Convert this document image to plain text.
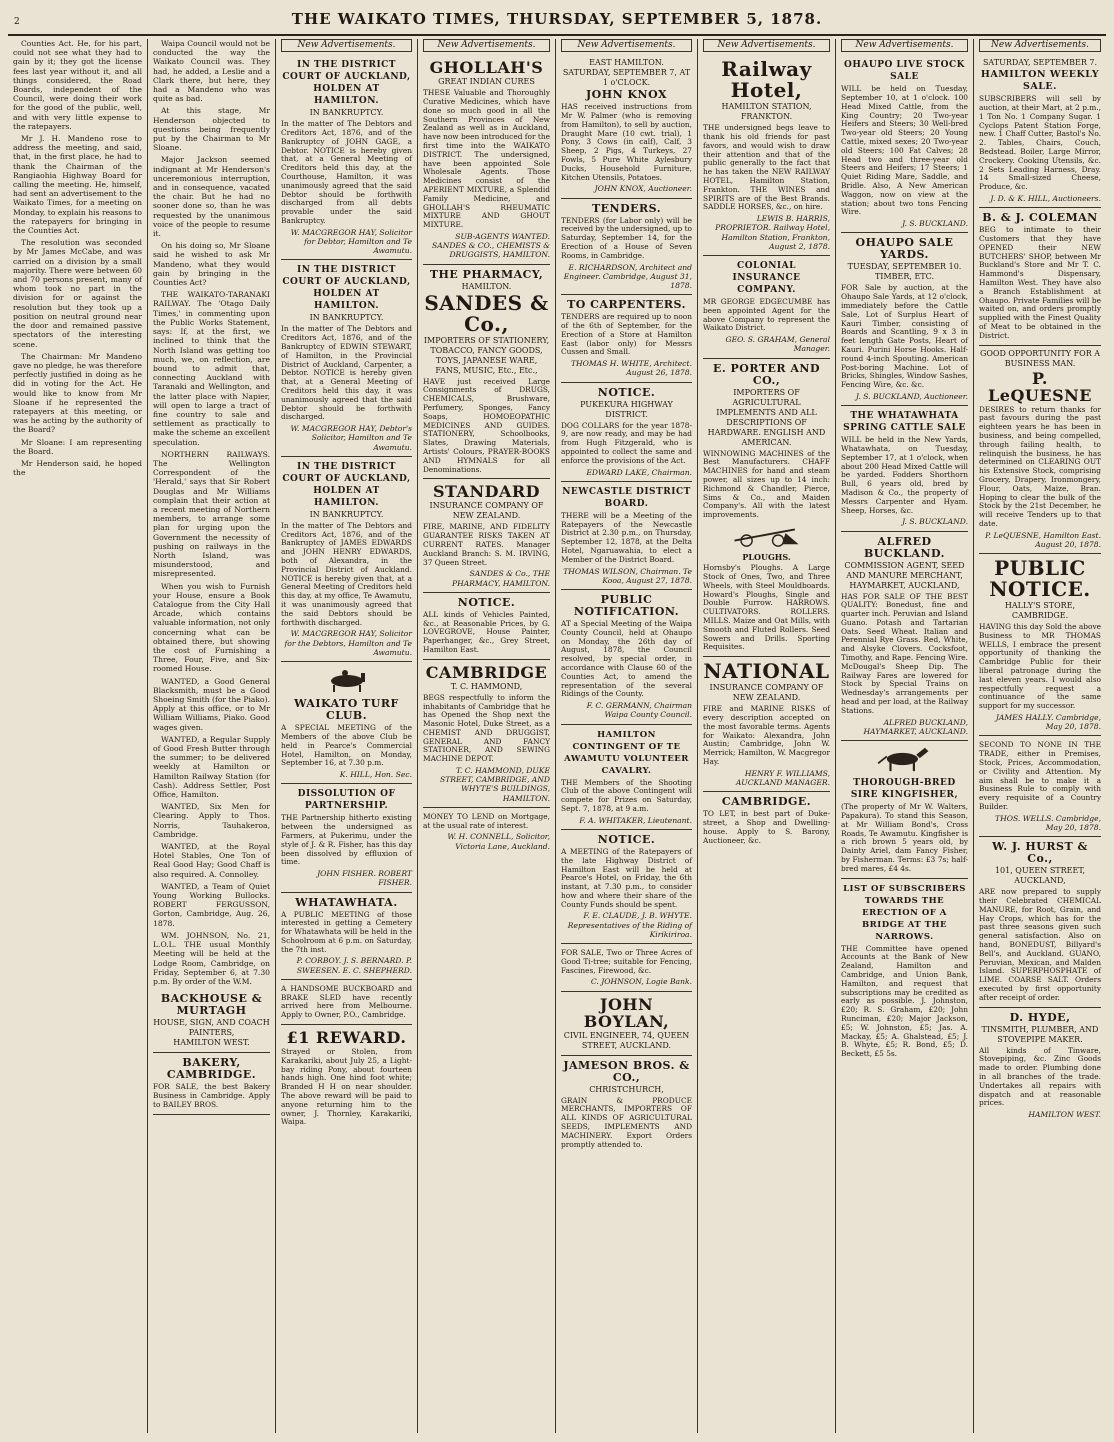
2	THE WAIKATO TIMES, THURSDAY, SEPTEMBER 5, 1878.

Counties Act. He, for his part, could not see what they had to gain by it; they got the license fees last year without it, and all things considered, the Road Boards, independent of the Council, were doing their work for the good of the public, well, and with very little expense to the ratepayers.

Mr J. H. Mandeno rose to address the meeting, and said, that, in the first place, he had to thank the Chairman of the Rangiaohia Highway Board for calling the meeting. He, himself, had sent an advertisement to the Waikato Times, for a meeting on Monday, to explain his reasons to the ratepayers for bringing in the Counties Act.

The resolution was seconded by Mr James McCabe, and was carried on a division by a small majority. There were between 60 and 70 persons present, many of whom took no part in the division for or against the resolution but they took up a position on neutral ground near the door and remained passive spectators of the interesting scene.

The Chairman: Mr Mandeno gave no pledge, he was therefore perfectly justified in doing as he did in voting for the Act. He would like to know from Mr Sloane if he represented the ratepayers at this meeting, or was he acting by the authority of the Board?

Mr Sloane: I am representing the Board.

Mr Henderson said, he hoped the

Waipa Council would not be conducted the way the Waikato Council was. They had, he added, a Leslie and a Clark there, but here, they had a Mandeno who was quite as bad.

At this stage, Mr Henderson objected to questions being frequently put by the Chairman to Mr Sloane.

Major Jackson seemed indignant at Mr Henderson's unceremonious interruption, and in consequence, vacated the chair. But he had no sooner done so, than he was requested by the unanimous voice of the people to resume it.

On his doing so, Mr Sloane said he wished to ask Mr Mandeno, what they would gain by bringing in the Counties Act?

THE WAIKATO-TARANAKI RAILWAY. The 'Otago Daily Times,' in commenting upon the Public Works Statement, says: If, at the first, we inclined to think that the North Island was getting too much, we, on reflection, are bound to admit that, connecting Auckland with Taranaki and Wellington, and the latter place with Napier, will open to large a tract of fine country to sale and settlement as practically to make the scheme an excellent speculation.

NORTHERN RAILWAYS. The Wellington Correspondent of the 'Herald,' says that Sir Robert Douglas and Mr Williams complain that their action at a recent meeting of Northern members, to arrange some plan for urging upon the Government the necessity of pushing on railways in the North Island, was misunderstood, and misrepresented.

When you wish to Furnish your House, ensure a Book Catalogue from the City Hall Arcade, which contains valuable information, not only concerning what can be obtained there, but showing the cost of Furnishing a Three, Four, Five, and Six-roomed House.

WANTED, a Good General Blacksmith, must be a Good Shoeing Smith (for the Piako). Apply at this office, or to Mr William Williams, Piako. Good wages given.

WANTED, a Regular Supply of Good Fresh Butter through the summer; to be delivered weekly at Hamilton or Hamilton Railway Station (for Cash). Address Settler, Post Office, Hamilton.

WANTED, Six Men for Clearing. Apply to Thos. Norris, Tauhakeroa, Cambridge.

WANTED, at the Royal Hotel Stables, One Ton of Real Good Hay; Good Chaff is also required. A. Connolley.

WANTED, a Team of Quiet Young Working Bullocks. ROBERT FERGUSSON, Gorton, Cambridge, Aug. 26, 1878.

WM. JOHNSON, No. 21, L.O.L. THE usual Monthly Meeting will be held at the Lodge Room, Cambridge, on Friday, September 6, at 7.30 p.m. By order of the W.M.

BACKHOUSE & MURTAGH
HOUSE, SIGN, AND COACH PAINTERS,
HAMILTON WEST.
BAKERY, CAMBRIDGE.
FOR SALE, the best Bakery Business in Cambridge. Apply to BAILEY BROS.
New Advertisements.
IN THE DISTRICT COURT OF AUCKLAND, HOLDEN AT HAMILTON.
IN BANKRUPTCY.
In the matter of The Debtors and Creditors Act, 1876, and of the Bankruptcy of JOHN GAGE, a Debtor. NOTICE is hereby given that, at a General Meeting of Creditors held this day, at the Courthouse, Hamilton, it was unanimously agreed that the said Debtor should be forthwith discharged from all debts provable under the said Bankruptcy.
W. MACGREGOR HAY, Solicitor for Debtor, Hamilton and Te Awamutu.
IN THE DISTRICT COURT OF AUCKLAND, HOLDEN AT HAMILTON.
IN BANKRUPTCY.
In the matter of The Debtors and Creditors Act, 1876, and of the Bankruptcy of EDWIN STEWART, of Hamilton, in the Provincial District of Auckland, Carpenter, a Debtor. NOTICE is hereby given that, at a General Meeting of Creditors held this day, it was unanimously agreed that the said Debtor should be forthwith discharged.
W. MACGREGOR HAY, Debtor's Solicitor, Hamilton and Te Awamutu.
IN THE DISTRICT COURT OF AUCKLAND, HOLDEN AT HAMILTON.
IN BANKRUPTCY.
In the matter of The Debtors and Creditors Act, 1876, and of the Bankruptcy of JAMES EDWARDS and JOHN HENRY EDWARDS, both of Alexandra, in the Provincial District of Auckland. NOTICE is hereby given that, at a General Meeting of Creditors held this day, at my office, Te Awamutu, it was unanimously agreed that the said Debtors should be forthwith discharged.
W. MACGREGOR HAY, Solicitor for the Debtors, Hamilton and Te Awamutu.
WAIKATO TURF CLUB.
A SPECIAL MEETING of the Members of the above Club be held in Pearce's Commercial Hotel, Hamilton, on Monday, September 16, at 7.30 p.m.
K. HILL, Hon. Sec.
DISSOLUTION OF PARTNERSHIP.
THE Partnership hitherto existing between the undersigned as Farmers, at Pukerimu, under the style of J. & R. Fisher, has this day been dissolved by effluxion of time.
JOHN FISHER. ROBERT FISHER.
WHATAWHATA.
A PUBLIC MEETING of those interested in getting a Cemetery for Whatawhata will be held in the Schoolroom at 6 p.m. on Saturday, the 7th inst.
P. CORBOY. J. S. BERNARD. P. SWEESEN. E. C. SHEPHERD.
A HANDSOME BUCKBOARD and BRAKE SLED have recently arrived here from Melbourne. Apply to Owner, P.O., Cambridge.
£1 REWARD.
Strayed or Stolen, from Karakariki, about July 25, a Light-bay riding Pony, about fourteen hands high. One hind foot white; Branded H H on near shoulder. The above reward will be paid to anyone returning him to the owner, J. Thornley, Karakariki, Waipa.
New Advertisements.
GHOLLAH'S
GREAT INDIAN CURES
THESE Valuable and Thoroughly Curative Medicines, which have done so much good in all the Southern Provinces of New Zealand as well as in Auckland, have now been introduced for the first time into the WAIKATO DISTRICT. The undersigned, have been appointed Sole Wholesale Agents. Those Medicines consist of the APERIENT MIXTURE, a Splendid Family Medicine, and GHOLLAH'S RHEUMATIC MIXTURE AND GHOUT MIXTURE.
SUB-AGENTS WANTED. SANDES & CO., CHEMISTS & DRUGGISTS, HAMILTON.
THE PHARMACY,
HAMILTON.
SANDES & Co.,
IMPORTERS OF STATIONERY, TOBACCO, FANCY GOODS, TOYS, JAPANESE WARE, FANS, MUSIC, Etc., Etc.,
HAVE just received Large Consignments of DRUGS, CHEMICALS, Brushware, Perfumery, Sponges, Fancy Soaps, HOMOEOPATHIC MEDICINES AND GUIDES. STATIONERY, Schoolbooks, Slates, Drawing Materials, Artists' Colours, PRAYER-BOOKS AND HYMNALS for all Denominations.
STANDARD
INSURANCE COMPANY OF NEW ZEALAND.
FIRE, MARINE, AND FIDELITY GUARANTEE RISKS TAKEN AT CURRENT RATES. Manager Auckland Branch: S. M. IRVING, 37 Queen Street.
SANDES & Co., THE PHARMACY, HAMILTON.
NOTICE.
ALL kinds of Vehicles Painted, &c., at Reasonable Prices, by G. LOVEGROVE, House Painter, Paperhanger, &c., Grey Street, Hamilton East.
CAMBRIDGE
T. C. HAMMOND,
BEGS respectfully to inform the inhabitants of Cambridge that he has Opened the Shop next the Masonic Hotel, Duke Street, as a CHEMIST AND DRUGGIST, GENERAL AND FANCY STATIONER, AND SEWING MACHINE DEPOT.
T. C. HAMMOND, DUKE STREET, CAMBRIDGE, AND WHYTE'S BUILDINGS, HAMILTON.
MONEY TO LEND on Mortgage, at the usual rate of interest.
W. H. CONNELL, Solicitor, Victoria Lane, Auckland.
New Advertisements.
EAST HAMILTON.
SATURDAY, SEPTEMBER 7, AT 1 o'CLOCK.
JOHN KNOX
HAS received instructions from Mr W. Palmer (who is removing from Hamilton), to sell by auction, Draught Mare (10 cwt. trial), 1 Pony, 3 Cows (in calf), Calf, 3 Sheep, 2 Pigs, 4 Turkeys, 27 Fowls, 5 Pure White Aylesbury Ducks, Household Furniture, Kitchen Utensils, Potatoes.
JOHN KNOX, Auctioneer.
TENDERS.
TENDERS (for Labor only) will be received by the undersigned, up to Saturday, September 14, for the Erection of a House of Seven Rooms, in Cambridge.
E. RICHARDSON, Architect and Engineer. Cambridge, August 31, 1878.
TO CARPENTERS.
TENDERS are required up to noon of the 6th of September, for the Erection of a Store at Hamilton East (labor only) for Messrs Cussen and Small.
THOMAS H. WHITE, Architect. August 26, 1878.
NOTICE.
PUKEKURA HIGHWAY DISTRICT.
DOG COLLARS for the year 1878-9, are now ready, and may be had from Hugh Fitzgerald, who is appointed to collect the same and enforce the provisions of the Act.
EDWARD LAKE, Chairman.
NEWCASTLE DISTRICT BOARD.
THERE will be a Meeting of the Ratepayers of the Newcastle District at 2.30 p.m., on Thursday, September 12, 1878, at the Delta Hotel, Ngaruawahia, to elect a Member of the District Board.
THOMAS WILSON, Chairman. Te Kooa, August 27, 1878.
PUBLIC NOTIFICATION.
AT a Special Meeting of the Waipa County Council, held at Ohaupo on Monday, the 26th day of August, 1878, the Council resolved, by special order, in accordance with Clause 60 of the Counties Act, to amend the representation of the several Ridings of the County.
F. C. GERMANN, Chairman Waipa County Council.
HAMILTON CONTINGENT OF TE AWAMUTU VOLUNTEER CAVALRY.
THE Members of the Shooting Club of the above Contingent will compete for Prizes on Saturday, Sept. 7, 1878, at 9 a.m.
F. A. WHITAKER, Lieutenant.
NOTICE.
A MEETING of the Ratepayers of the late Highway District of Hamilton East will be held at Pearce's Hotel, on Friday, the 6th instant, at 7.30 p.m., to consider how and where their share of the County Funds should be spent.
F. E. CLAUDE, J. B. WHYTE. Representatives of the Riding of Kirikiriroa.
FOR SALE, Two or Three Acres of Good Ti-tree; suitable for Fencing, Fascines, Firewood, &c.
C. JOHNSON, Logie Bank.
JOHN BOYLAN,
CIVIL ENGINEER, 74, QUEEN STREET, AUCKLAND.
JAMESON BROS. & CO.,
CHRISTCHURCH,
GRAIN & PRODUCE MERCHANTS, IMPORTERS OF ALL KINDS OF AGRICULTURAL SEEDS, IMPLEMENTS AND MACHINERY. Export Orders promptly attended to.
New Advertisements.
Railway Hotel,
HAMILTON STATION, FRANKTON.
THE undersigned begs leave to thank his old friends for past favors, and would wish to draw their attention and that of the public generally to the fact that he has taken the NEW RAILWAY HOTEL, Hamilton Station, Frankton. THE WINES and SPIRITS are of the Best Brands. SADDLE HORSES, &c., on hire.
LEWIS B. HARRIS, PROPRIETOR. Railway Hotel, Hamilton Station, Frankton, August 2, 1878.
COLONIAL INSURANCE COMPANY.
MR GEORGE EDGECUMBE has been appointed Agent for the above Company to represent the Waikato District.
GEO. S. GRAHAM, General Manager.
E. PORTER AND CO.,
IMPORTERS OF AGRICULTURAL IMPLEMENTS AND ALL DESCRIPTIONS OF HARDWARE. ENGLISH AND AMERICAN.
WINNOWING MACHINES of the Best Manufacturers. CHAFF MACHINES for hand and steam power, all sizes up to 14 inch: Richmond & Chandler, Pierce, Sims & Co., and Maiden Company's. All with the latest improvements.
PLOUGHS.
Hornsby's Ploughs. A Large Stock of Ones, Two, and Three Wheels, with Steel Mouldboards. Howard's Ploughs, Single and Double Furrow. HARROWS. CULTIVATORS. ROLLERS. MILLS. Maize and Oat Mills, with Smooth and Fluted Rollers. Seed Sowers and Drills. Sporting Requisites.
NATIONAL
INSURANCE COMPANY OF NEW ZEALAND.
FIRE and MARINE RISKS of every description accepted on the most favorable terms. Agents for Waikato: Alexandra, John Austin; Cambridge, John W. Merrick; Hamilton, W. Macgregor Hay.
HENRY F. WILLIAMS, AUCKLAND MANAGER.
CAMBRIDGE.
TO LET, in best part of Duke-street, a Shop and Dwelling-house. Apply to S. Barony, Auctioneer, &c.
New Advertisements.
OHAUPO LIVE STOCK SALE
WILL be held on Tuesday, September 10, at 1 o'clock. 100 Head Mixed Cattle, from the King Country; 20 Two-year Heifers and Steers; 30 Well-bred Two-year old Steers; 20 Young Cattle, mixed sexes; 20 Two-year old Steers; 100 Fat Calves; 28 Head two and three-year old Steers and Heifers; 17 Steers; 1 Quiet Riding Mare, Saddle, and Bridle. Also, A New American Waggon, now on view at the station; about two tons Fencing Wire.
J. S. BUCKLAND.
OHAUPO SALE YARDS.
TUESDAY, SEPTEMBER 10. TIMBER, ETC.
FOR Sale by auction, at the Ohaupo Sale Yards, at 12 o'clock, immediately before the Cattle Sale, Lot of Surplus Heart of Kauri Timber, consisting of Boards and Scantling, 9 x 3 in feet length Gate Posts, Heart of Kauri. Purini Horse Hooks. Half-round 4-inch Spouting. American Post-boring Machine. Lot of Bricks, Shingles, Window Sashes, Fencing Wire, &c. &c.
J. S. BUCKLAND, Auctioneer.
THE WHATAWHATA SPRING CATTLE SALE
WILL be held in the New Yards, Whatawhata, on Tuesday, September 17, at 1 o'clock, when about 200 Head Mixed Cattle will be yarded. Fodders Shorthorn Bull, 6 years old, bred by Madison & Co., the property of Messrs Carpenter and Hyam. Sheep, Horses, &c.
J. S. BUCKLAND.
ALFRED BUCKLAND.
COMMISSION AGENT, SEED AND MANURE MERCHANT, HAYMARKET, AUCKLAND,
HAS FOR SALE OF THE BEST QUALITY: Bonedust, fine and quarter inch. Peruvian and Island Guano. Potash and Tartarian Oats. Seed Wheat. Italian and Perennial Rye Grass. Red, White, and Alsyke Clovers. Cocksfoot, Timothy, and Rape. Fencing Wire. McDougal's Sheep Dip. The Railway Fares are lowered for Stock by Special Trains on Wednesday's arrangements per head and per load, at the Railway Stations.
ALFRED BUCKLAND, HAYMARKET, AUCKLAND.
THOROUGH-BRED SIRE KINGFISHER,
(The property of Mr W. Walters, Papakura). To stand this Season, at Mr William Bond's, Cross Roads, Te Awamutu. Kingfisher is a rich brown 5 years old, by Dainty Ariel, dam Fancy Fisher, by Fisherman. Terms: £3 7s; half-bred mares, £4 4s.
LIST OF SUBSCRIBERS TOWARDS THE ERECTION OF A BRIDGE AT THE NARROWS.
THE Committee have opened Accounts at the Bank of New Zealand, Hamilton and Cambridge, and Union Bank, Hamilton, and request that subscriptions may be credited as early as possible. J. Johnston, £20; R. S. Graham, £20; John Runciman, £20; Major Jackson, £5; W. Johnston, £5; Jas. A. Mackay, £5; A. Ghalstead, £5; J. B. Whyte, £5; R. Bond, £5; D. Beckett, £5 5s.
New Advertisements.
SATURDAY, SEPTEMBER 7.
HAMILTON WEEKLY SALE.
SUBSCRIBERS will sell by auction, at their Mart, at 2 p.m., 1 Ton No. 1 Company Sugar. 1 Cyclops Patent Station Forge, new. 1 Chaff Cutter, Bastol's No. 2. Tables, Chairs, Couch, Bedstead. Boiler, Large Mirror, Crockery. Cooking Utensils, &c. 2 Sets Leading Harness, Dray. 14 Small-sized Cheese, Produce, &c.
J. D. & K. HILL, Auctioneers.
B. & J. COLEMAN
BEG to intimate to their Customers that they have OPENED their NEW BUTCHERS' SHOP, between Mr Buckland's Store and Mr T. C. Hammond's Dispensary, Hamilton West. They have also a Branch Establishment at Ohaupo. Private Families will be waited on, and orders promptly supplied with the Finest Quality of Meat to be obtained in the District.
GOOD OPPORTUNITY FOR A BUSINESS MAN.
P. LeQUESNE
DESIRES to return thanks for past favours during the past eighteen years he has been in business, and being compelled, through failing health, to relinquish the business, he has determined on CLEARING OUT his Extensive Stock, comprising Grocery, Drapery, Ironmongery, Flour, Oats, Maize, Bran. Hoping to clear the bulk of the Stock by the 21st December, he will receive Tenders up to that date.
P. LeQUESNE, Hamilton East. August 20, 1878.
PUBLIC NOTICE.
HALLY'S STORE, CAMBRIDGE.
HAVING this day Sold the above Business to MR THOMAS WELLS, I embrace the present opportunity of thanking the Cambridge Public for their liberal patronage during the last eleven years. I would also respectfully request a continuance of the same support for my successor.
JAMES HALLY. Cambridge, May 20, 1878.
SECOND TO NONE IN THE TRADE, either in Premises, Stock, Prices, Accommodation, or Civility and Attention. My aim shall be to make it a Business Rule to comply with every requisite of a Country Builder.
THOS. WELLS. Cambridge, May 20, 1878.
W. J. HURST & Co.,
101, QUEEN STREET, AUCKLAND,
ARE now prepared to supply their Celebrated CHEMICAL MANURE, for Root, Grain, and Hay Crops, which has for the past three seasons given such general satisfaction. Also on hand, BONEDUST, Billyard's Bell's, and Auckland. GUANO, Peruvian, Mexican, and Malden Island. SUPERPHOSPHATE of LIME. COARSE SALT. Orders executed by first opportunity after receipt of order.
D. HYDE,
TINSMITH, PLUMBER, AND STOVEPIPE MAKER.
All kinds of Tinware, Stovepiping, &c. Zinc Goods made to order. Plumbing done in all branches of the trade. Undertakes all repairs with dispatch and at reasonable prices.
HAMILTON WEST.
